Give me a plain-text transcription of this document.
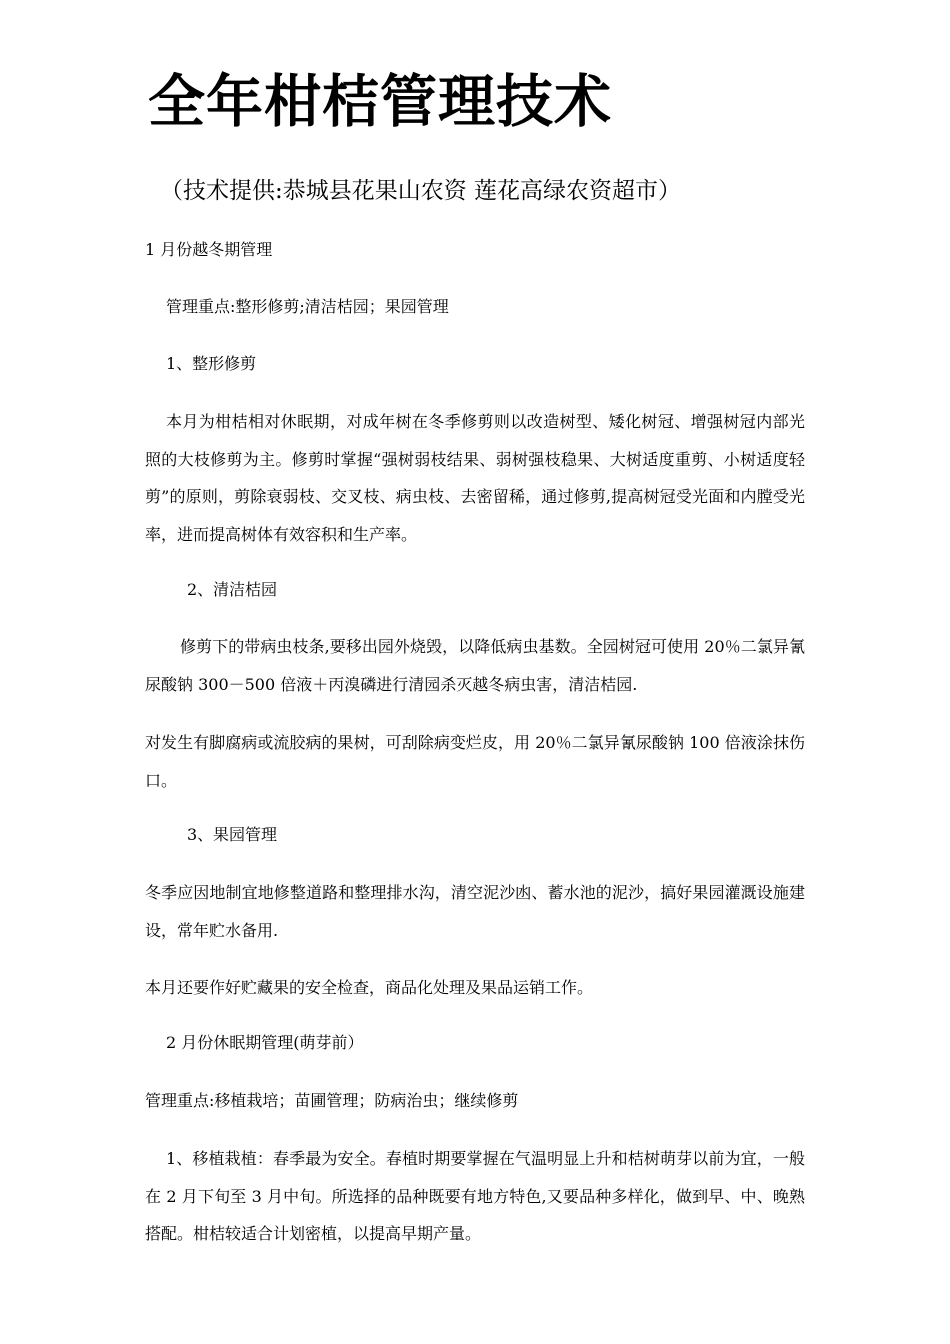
全年柑桔管理技术
（技术提供:恭城县花果山农资 莲花高绿农资超市）
1 月份越冬期管理
管理重点:整形修剪;清洁桔园；果园管理
1、整形修剪
本月为柑桔相对休眠期，对成年树在冬季修剪则以改造树型、矮化树冠、增强树冠内部光照的大枝修剪为主。修剪时掌握“强树弱枝结果、弱树强枝稳果、大树适度重剪、小树适度轻剪”的原则，剪除衰弱枝、交叉枝、病虫枝、去密留稀，通过修剪,提高树冠受光面和内膛受光率，进而提高树体有效容积和生产率。
2、清洁桔园
修剪下的带病虫枝条,要移出园外烧毁，以降低病虫基数。全园树冠可使用 20％二氯异氰尿酸钠 300－500 倍液＋丙溴磷进行清园杀灭越冬病虫害，清洁桔园.
对发生有脚腐病或流胶病的果树，可刮除病变烂皮，用 20％二氯异氰尿酸钠 100 倍液涂抹伤口。
3、果园管理
冬季应因地制宜地修整道路和整理排水沟，清空泥沙凼、蓄水池的泥沙，搞好果园灌溉设施建设，常年贮水备用.
本月还要作好贮藏果的安全检查，商品化处理及果品运销工作。
2 月份休眠期管理(萌芽前）
管理重点:移植栽培；苗圃管理；防病治虫；继续修剪
1、移植栽植：春季最为安全。春植时期要掌握在气温明显上升和桔树萌芽以前为宜，一般在 2 月下旬至 3 月中旬。所选择的品种既要有地方特色,又要品种多样化，做到早、中、晚熟搭配。柑桔较适合计划密植，以提高早期产量。
